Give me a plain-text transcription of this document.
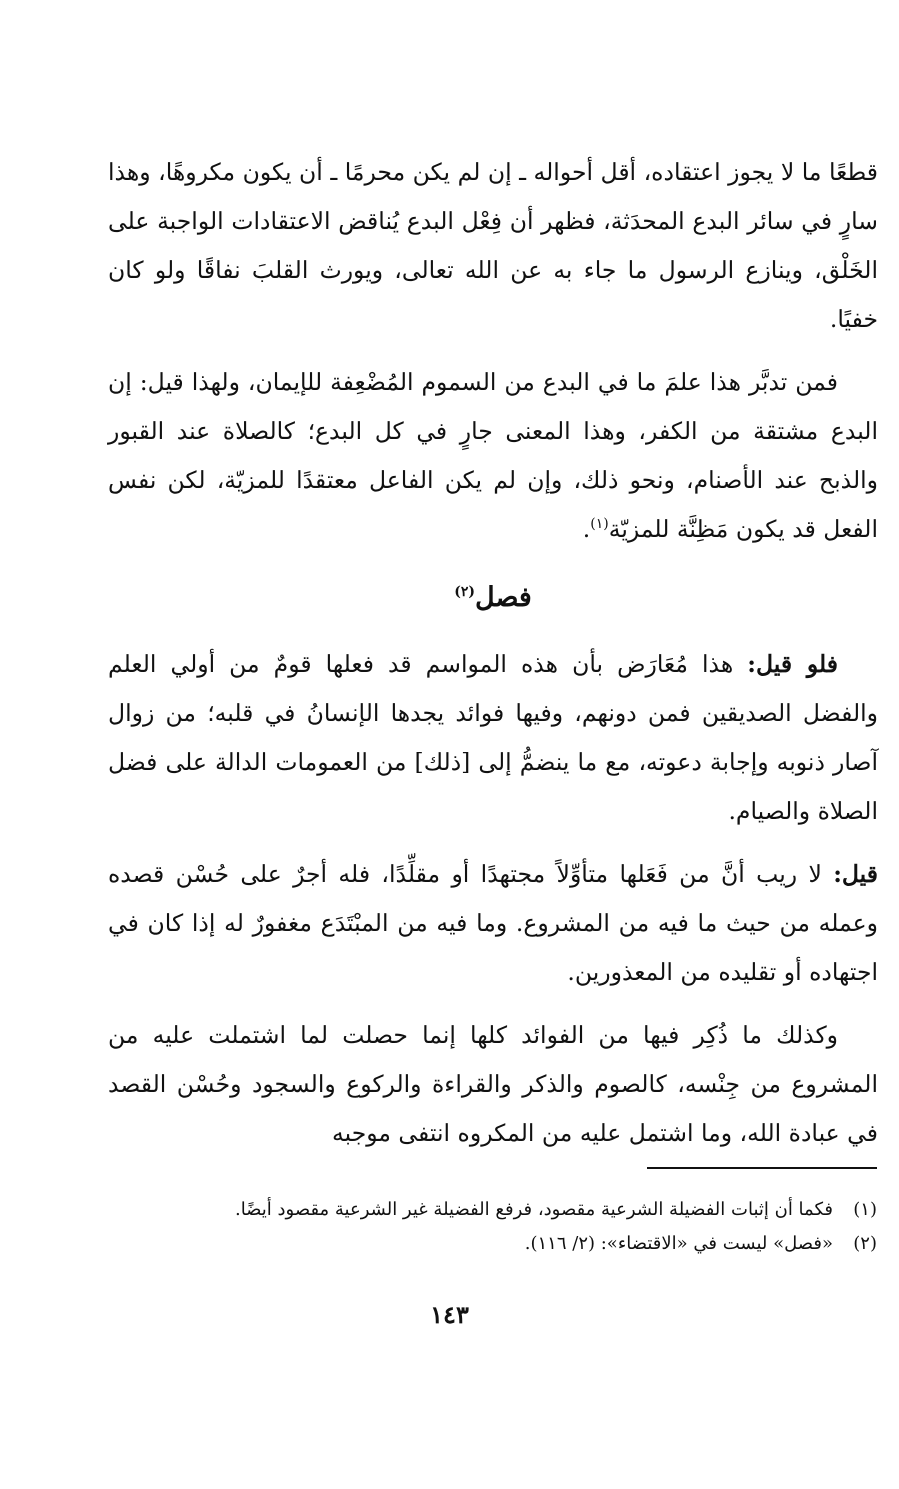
قطعًا ما لا يجوز اعتقاده، أقل أحواله ـ إن لم يكن محرمًا ـ أن يكون مكروهًا، وهذا سارٍ في سائر البدع المحدَثة، فظهر أن فِعْل البدع يُناقض الاعتقادات الواجبة على الخَلْق، وينازع الرسول ما جاء به عن الله تعالى، ويورث القلبَ نفاقًا ولو كان خفيًا.

فمن تدبَّر هذا علمَ ما في البدع من السموم المُضْعِفة للإيمان، ولهذا قيل: إن البدع مشتقة من الكفر، وهذا المعنى جارٍ في كل البدع؛ كالصلاة عند القبور والذبح عند الأصنام، ونحو ذلك، وإن لم يكن الفاعل معتقدًا للمزيّة، لكن نفس الفعل قد يكون مَظِنَّة للمزيّة$^{(١)}$.

فصل$^{(٢)}$

فلو قيل: هذا مُعَارَض بأن هذه المواسم قد فعلها قومٌ من أولي العلم والفضل الصديقين فمن دونهم، وفيها فوائد يجدها الإنسانُ في قلبه؛ من زوال آصار ذنوبه وإجابة دعوته، مع ما ينضمُّ إلى [ذلك] من العمومات الدالة على فضل الصلاة والصيام.

قيل: لا ريب أنَّ من فَعَلها متأوِّلاً مجتهدًا أو مقلِّدًا، فله أجرٌ على حُسْن قصده وعمله من حيث ما فيه من المشروع. وما فيه من المبْتَدَع مغفورٌ له إذا كان في اجتهاده أو تقليده من المعذورين.

وكذلك ما ذُكِر فيها من الفوائد كلها إنما حصلت لما اشتملت عليه من المشروع من جِنْسه، كالصوم والذكر والقراءة والركوع والسجود وحُسْن القصد في عبادة الله، وما اشتمل عليه من المكروه انتفى موجبه

(١)
فكما أن إثبات الفضيلة الشرعية مقصود، فرفع الفضيلة غير الشرعية مقصود أيضًا.
(٢)
«فصل» ليست في «الاقتضاء»: (٢/ ١١٦).
١٤٣
